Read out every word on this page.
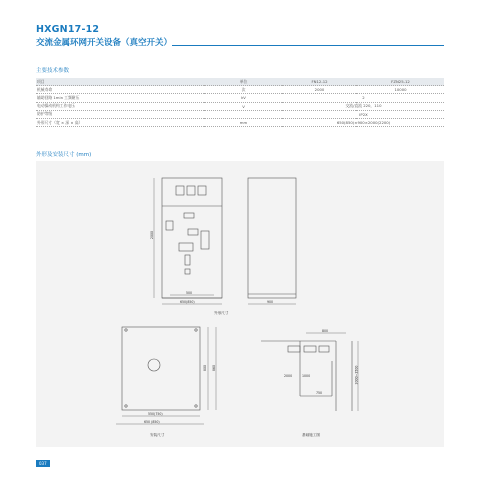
HXGN17-12
交流金属环网开关设备（真空开关）
主要技术参数
项目	单位	FN12-12	FZN25-12
机械寿命	次	2000	10000
辅助回路 1min 工频耐压	kV	2	
电动操动机构工作电压	V	交流/直流 220，110	
防护等级		IP2X	
外形尺寸（宽 × 深 × 高）	mm	650(850)×900×2000(2200)	
外形及安装尺寸 (mm)
2000
500
650(850)	900
550(750)
650 (850)
800 860
800
2000	1000
750
3000~3500
外形尺寸
安装尺寸	基础施工图
037
